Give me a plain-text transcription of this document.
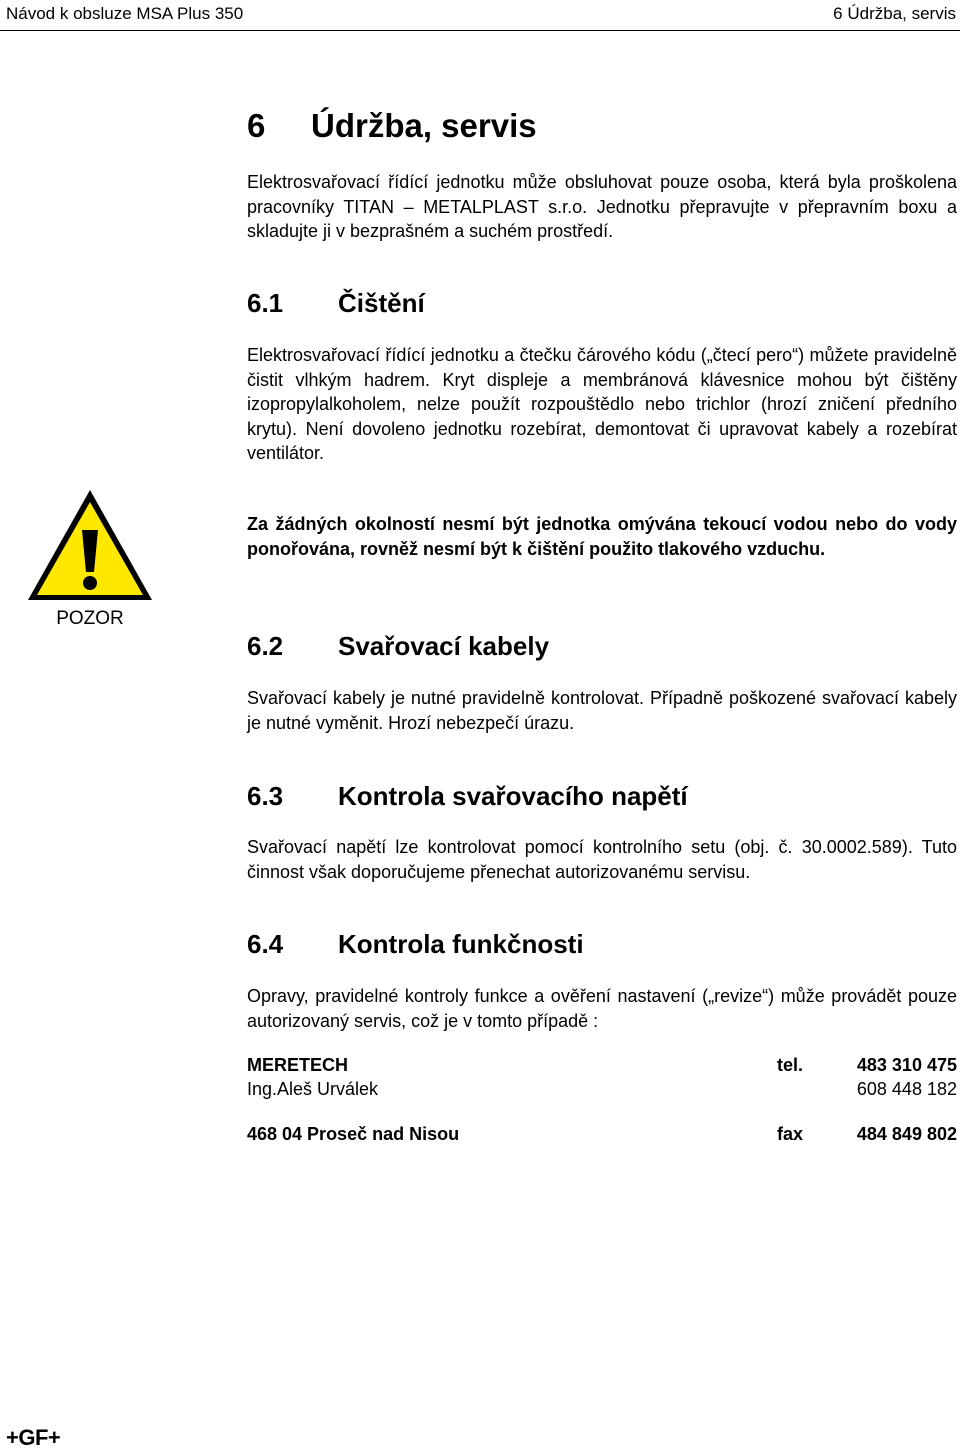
Návod k obsluze MSA Plus 350	6 Údržba, servis
6 Údržba, servis
Elektrosvařovací řídící jednotku může obsluhovat pouze osoba, která byla proškolena pracovníky TITAN – METALPLAST s.r.o. Jednotku přepravujte v přepravním boxu a skladujte ji v bezprašném a suchém prostředí.
6.1 Čištění
Elektrosvařovací řídící jednotku a čtečku čárového kódu („čtecí pero“) můžete pravidelně čistit vlhkým hadrem. Kryt displeje a membránová klávesnice mohou být čištěny izopropylalkoholem, nelze použít rozpouštědlo nebo trichlor (hrozí zničení předního krytu). Není dovoleno jednotku rozebírat, demontovat či upravovat kabely a rozebírat ventilátor.
POZOR
Za žádných okolností nesmí být jednotka omývána tekoucí vodou nebo do vody ponořována, rovněž nesmí být k čištění použito tlakového vzduchu.
6.2 Svařovací kabely
Svařovací kabely je nutné pravidelně kontrolovat. Případně poškozené svařovací kabely je nutné vyměnit. Hrozí nebezpečí úrazu.
6.3 Kontrola svařovacího napětí
Svařovací napětí lze kontrolovat pomocí kontrolního setu (obj. č. 30.0002.589). Tuto činnost však doporučujeme přenechat autorizovanému servisu.
6.4 Kontrola funkčnosti
Opravy, pravidelné kontroly funkce a ověření nastavení („revize“) může provádět pouze autorizovaný servis, což je v tomto případě :
MERETECH	tel.	483 310 475
Ing.Aleš Urválek	608 448 182
468 04 Proseč nad Nisou	fax	484 849 802
+GF+
